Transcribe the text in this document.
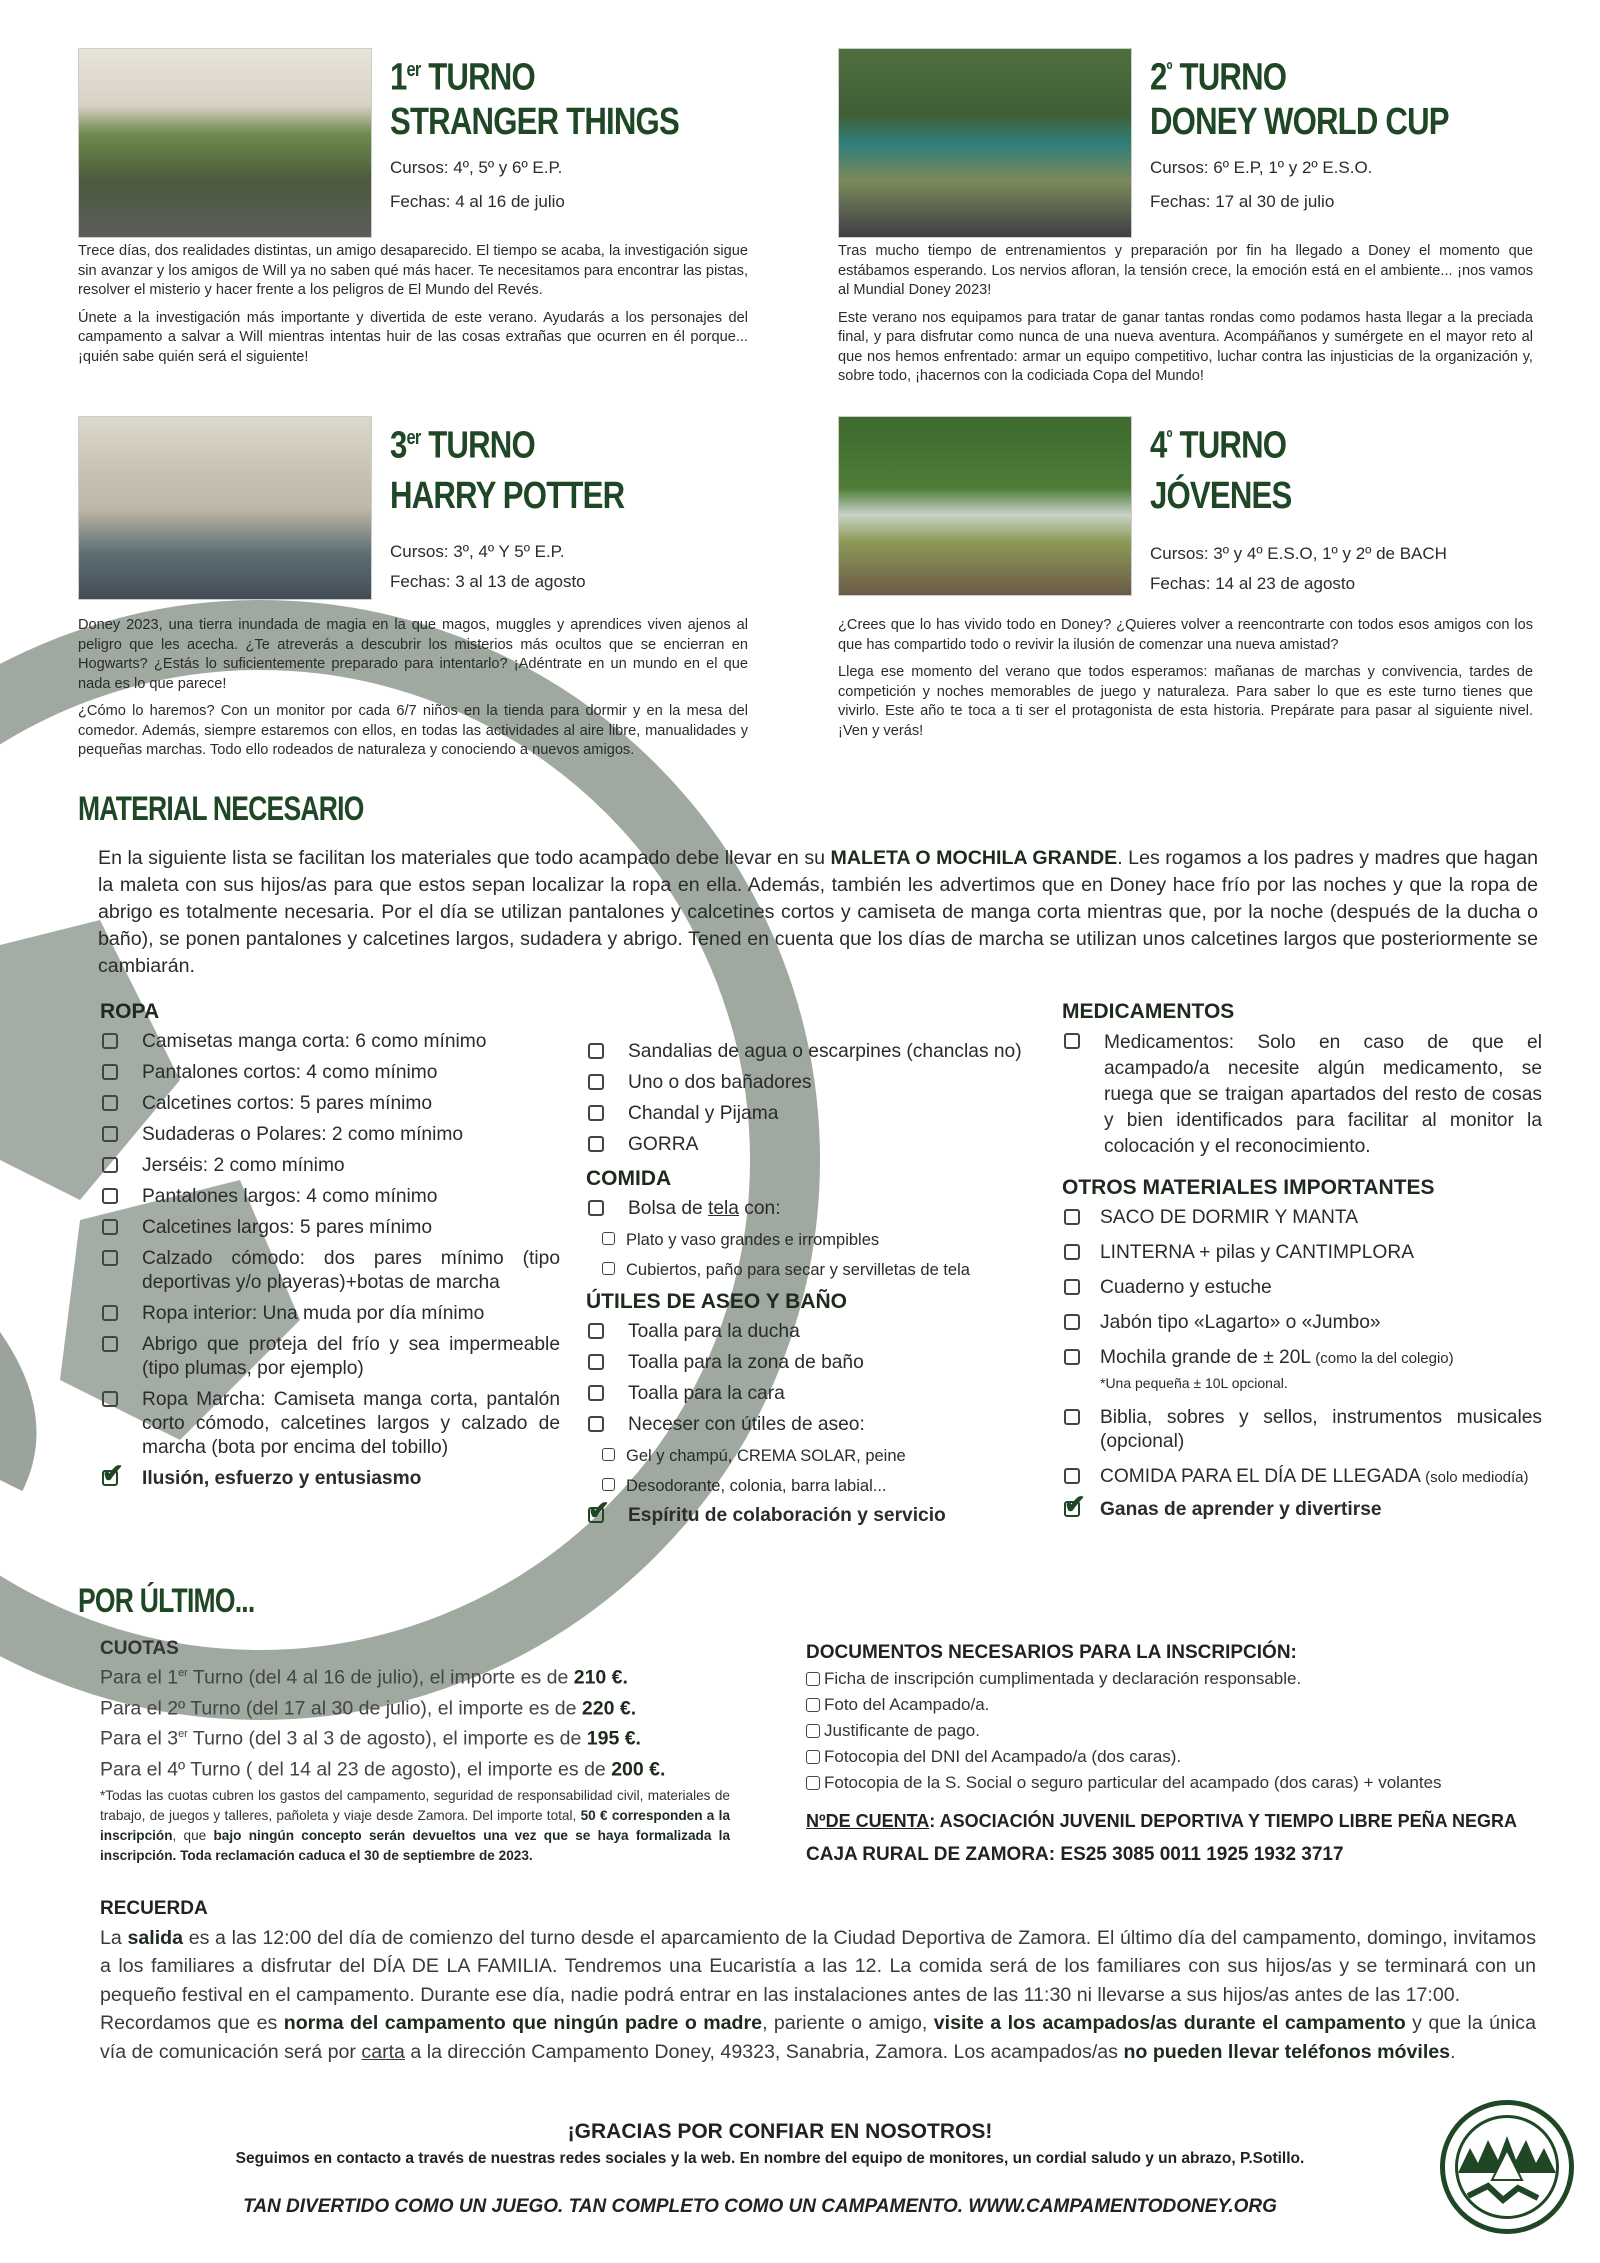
1er TURNO
STRANGER THINGS
Cursos: 4º, 5º y 6º E.P.
Fechas: 4 al 16 de julio

Trece días, dos realidades distintas, un amigo desaparecido. El tiempo se acaba, la investigación sigue sin avanzar y los amigos de Will ya no saben qué más hacer. Te necesitamos para encontrar las pistas, resolver el misterio y hacer frente a los peligros de El Mundo del Revés.

Únete a la investigación más importante y divertida de este verano. Ayudarás a los personajes del campamento a salvar a Will mientras intentas huir de las cosas extrañas que ocurren en él porque... ¡quién sabe quién será el siguiente!

$2^º$ TURNO
DONEY WORLD CUP
Cursos: 6º E.P, 1º y 2º E.S.O.
Fechas: 17 al 30 de julio

Tras mucho tiempo de entrenamientos y preparación por fin ha llegado a Doney el momento que estábamos esperando. Los nervios afloran, la tensión crece, la emoción está en el ambiente... ¡nos vamos al Mundial Doney 2023!

Este verano nos equipamos para tratar de ganar tantas rondas como podamos hasta llegar a la preciada final, y para disfrutar como nunca de una nueva aventura. Acompáñanos y sumérgete en el mayor reto al que nos hemos enfrentado: armar un equipo competitivo, luchar contra las injusticias de la organización y, sobre todo, ¡hacernos con la codiciada Copa del Mundo!

3er TURNO
HARRY POTTER
Cursos: 3º, 4º Y 5º E.P.
Fechas: 3 al 13 de agosto

Doney 2023, una tierra inundada de magia en la que magos, muggles y aprendices viven ajenos al peligro que les acecha. ¿Te atreverás a descubrir los misterios más ocultos que se encierran en Hogwarts? ¿Estás lo suficientemente preparado para intentarlo? ¡Adéntrate en un mundo en el que nada es lo que parece!

¿Cómo lo haremos? Con un monitor por cada 6/7 niños en la tienda para dormir y en la mesa del comedor. Además, siempre estaremos con ellos, en todas las actividades al aire libre, manualidades y pequeñas marchas. Todo ello rodeados de naturaleza y conociendo a nuevos amigos.

$4^º$ TURNO
JÓVENES
Cursos: 3º y 4º E.S.O, 1º y 2º de BACH
Fechas: 14 al 23 de agosto

¿Crees que lo has vivido todo en Doney? ¿Quieres volver a reencontrarte con todos esos amigos con los que has compartido todo o revivir la ilusión de comenzar una nueva amistad?

Llega ese momento del verano que todos esperamos: mañanas de marchas y convivencia, tardes de competición y noches memorables de juego y naturaleza. Para saber lo que es este turno tienes que vivirlo. Este año te toca a ti ser el protagonista de esta historia. Prepárate para pasar al siguiente nivel. ¡Ven y verás!

MATERIAL NECESARIO
En la siguiente lista se facilitan los materiales que todo acampado debe llevar en su MALETA O MOCHILA GRANDE. Les rogamos a los padres y madres que hagan la maleta con sus hijos/as para que estos sepan localizar la ropa en ella. Además, también les advertimos que en Doney hace frío por las noches y que la ropa de abrigo es totalmente necesaria. Por el día se utilizan pantalones y calcetines cortos y camiseta de manga corta mientras que, por la noche (después de la ducha o baño), se ponen pantalones y calcetines largos, sudadera y abrigo. Tened en cuenta que los días de marcha se utilizan unos calcetines largos que posteriormente se cambiarán.
ROPA
Camisetas manga corta: 6 como mínimo
Pantalones cortos: 4 como mínimo
Calcetines cortos: 5 pares mínimo
Sudaderas o Polares: 2 como mínimo
Jerséis: 2 como mínimo
Pantalones largos: 4 como mínimo
Calcetines largos: 5 pares mínimo
Calzado cómodo: dos pares mínimo (tipo deportivas y/o playeras)+botas de marcha
Ropa interior: Una muda por día mínimo
Abrigo que proteja del frío y sea impermeable (tipo plumas, por ejemplo)
Ropa Marcha: Camiseta manga corta, pantalón corto cómodo, calcetines largos y calzado de marcha (bota por encima del tobillo)
✔ Ilusión, esfuerzo y entusiasmo
Sandalias de agua o escarpines (chanclas no)
Uno o dos bañadores
Chandal y Pijama
GORRA
COMIDA
Bolsa de tela con:
Plato y vaso grandes e irrompibles
Cubiertos, paño para secar y servilletas de tela
ÚTILES DE ASEO Y BAÑO
Toalla para la ducha
Toalla para la zona de baño
Toalla para la cara
Neceser con útiles de aseo:
Gel y champú, CREMA SOLAR, peine
Desodorante, colonia, barra labial...
✔ Espíritu de colaboración y servicio
MEDICAMENTOS
Medicamentos: Solo en caso de que el acampado/a necesite algún medicamento, se ruega que se traigan apartados del resto de cosas y bien identificados para facilitar al monitor la colocación y el reconocimiento.
OTROS MATERIALES IMPORTANTES
SACO DE DORMIR Y MANTA
LINTERNA + pilas y CANTIMPLORA
Cuaderno y estuche
Jabón tipo «Lagarto» o «Jumbo»
Mochila grande de ± 20L (como la del colegio)
*Una pequeña ± 10L opcional.
Biblia, sobres y sellos, instrumentos musicales (opcional)
COMIDA PARA EL DÍA DE LLEGADA (solo mediodía)
✔ Ganas de aprender y divertirse
POR ÚLTIMO...
CUOTAS
Para el 1er Turno (del 4 al 16 de julio), el importe es de 210 €.
Para el 2º Turno (del 17 al 30 de julio), el importe es de 220 €.
Para el 3er Turno (del 3 al 3 de agosto), el importe es de 195 €.
Para el 4º Turno ( del 14 al 23 de agosto), el importe es de 200 €.
*Todas las cuotas cubren los gastos del campamento, seguridad de responsabilidad civil, materiales de trabajo, de juegos y talleres, pañoleta y viaje desde Zamora. Del importe total, 50 € corresponden a la inscripción, que bajo ningún concepto serán devueltos una vez que se haya formalizada la inscripción. Toda reclamación caduca el 30 de septiembre de 2023.
DOCUMENTOS NECESARIOS PARA LA INSCRIPCIÓN:
Ficha de inscripción cumplimentada y declaración responsable.
Foto del Acampado/a.
Justificante de pago.
Fotocopia del DNI del Acampado/a (dos caras).
Fotocopia de la S. Social o seguro particular del acampado (dos caras) + volantes
NºDE CUENTA: ASOCIACIÓN JUVENIL DEPORTIVA Y TIEMPO LIBRE PEÑA NEGRA
CAJA RURAL DE ZAMORA: ES25 3085 0011 1925 1932 3717
RECUERDA
La salida es a las 12:00 del día de comienzo del turno desde el aparcamiento de la Ciudad Deportiva de Zamora. El último día del campamento, domingo, invitamos a los familiares a disfrutar del DÍA DE LA FAMILIA. Tendremos una Eucaristía a las 12. La comida será de los familiares con sus hijos/as y se terminará con un pequeño festival en el campamento. Durante ese día, nadie podrá entrar en las instalaciones antes de las 11:30 ni llevarse a sus hijos/as antes de las 17:00.
Recordamos que es norma del campamento que ningún padre o madre, pariente o amigo, visite a los acampados/as durante el campamento y que la única vía de comunicación será por carta a la dirección Campamento Doney, 49323, Sanabria, Zamora. Los acampados/as no pueden llevar teléfonos móviles.
¡GRACIAS POR CONFIAR EN NOSOTROS!
Seguimos en contacto a través de nuestras redes sociales y la web. En nombre del equipo de monitores, un cordial saludo y un abrazo, P.Sotillo.
TAN DIVERTIDO COMO UN JUEGO. TAN COMPLETO COMO UN CAMPAMENTO. WWW.CAMPAMENTODONEY.ORG
